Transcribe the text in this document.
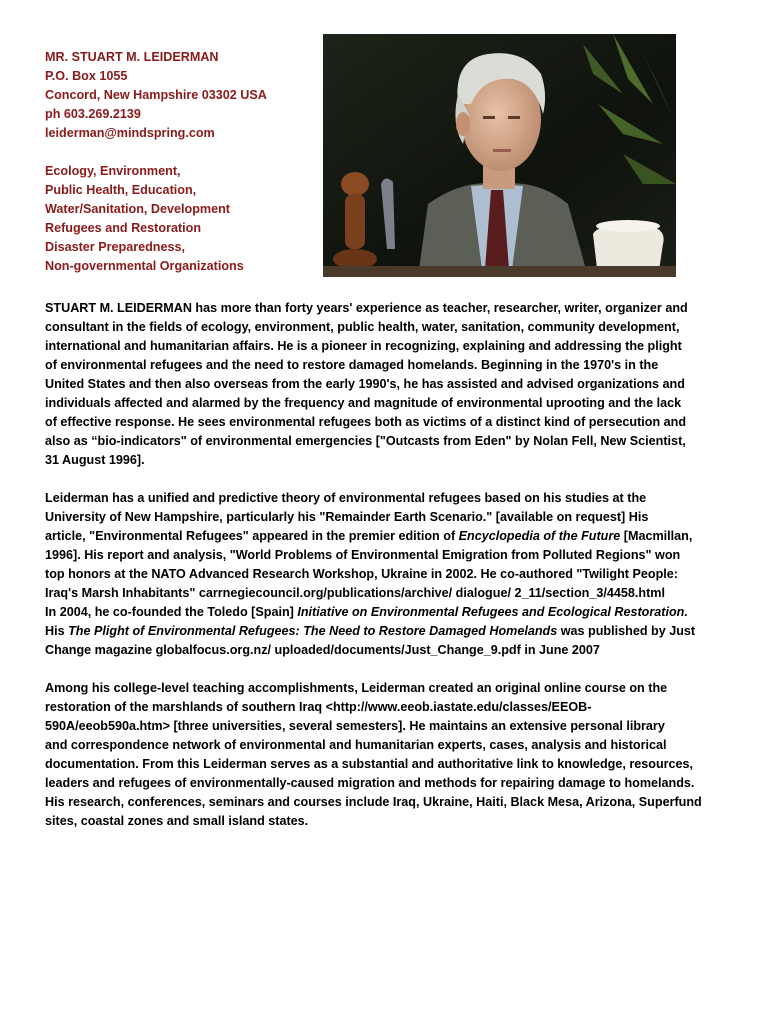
MR. STUART M. LEIDERMAN
P.O. Box 1055
Concord, New Hampshire 03302 USA
ph 603.269.2139
leiderman@mindspring.com
Ecology, Environment,
Public Health, Education,
Water/Sanitation, Development
Refugees and Restoration
Disaster Preparedness,
Non-governmental Organizations
STUART M. LEIDERMAN has more than forty years' experience as teacher, researcher, writer, organizer and
consultant in the fields of ecology, environment, public health, water, sanitation, community development,
international and humanitarian affairs. He is a pioneer in recognizing, explaining and addressing the plight
of environmental refugees and the need to restore damaged homelands. Beginning in the 1970's in the
United States and then also overseas from the early 1990's, he has assisted and advised organizations and
individuals affected and alarmed by the frequency and magnitude of environmental uprooting and the lack
of effective response. He sees environmental refugees both as victims of a distinct kind of persecution and
also as “bio-indicators" of environmental emergencies ["Outcasts from Eden" by Nolan Fell, New Scientist,
31 August 1996].
Leiderman has a unified and predictive theory of environmental refugees based on his studies at the
University of New Hampshire, particularly his "Remainder Earth Scenario." [available on request] His
article, "Environmental Refugees" appeared in the premier edition of Encyclopedia of the Future [Macmillan,
1996]. His report and analysis, "World Problems of Environmental Emigration from Polluted Regions" won
top honors at the NATO Advanced Research Workshop, Ukraine in 2002. He co-authored "Twilight People:
Iraq's Marsh Inhabitants" carrnegiecouncil.org/publications/archive/ dialogue/ 2_11/section_3/4458.html
In 2004, he co-founded the Toledo [Spain] Initiative on Environmental Refugees and Ecological Restoration.
His The Plight of Environmental Refugees: The Need to Restore Damaged Homelands was published by Just
Change magazine globalfocus.org.nz/ uploaded/documents/Just_Change_9.pdf in June 2007
Among his college-level teaching accomplishments, Leiderman created an original online course on the
restoration of the marshlands of southern Iraq <http://www.eeob.iastate.edu/classes/EEOB-
590A/eeob590a.htm> [three universities, several semesters]. He maintains an extensive personal library
and correspondence network of environmental and humanitarian experts, cases, analysis and historical
documentation. From this Leiderman serves as a substantial and authoritative link to knowledge, resources,
leaders and refugees of environmentally-caused migration and methods for repairing damage to homelands.
His research, conferences, seminars and courses include Iraq, Ukraine, Haiti, Black Mesa, Arizona, Superfund
sites, coastal zones and small island states.
